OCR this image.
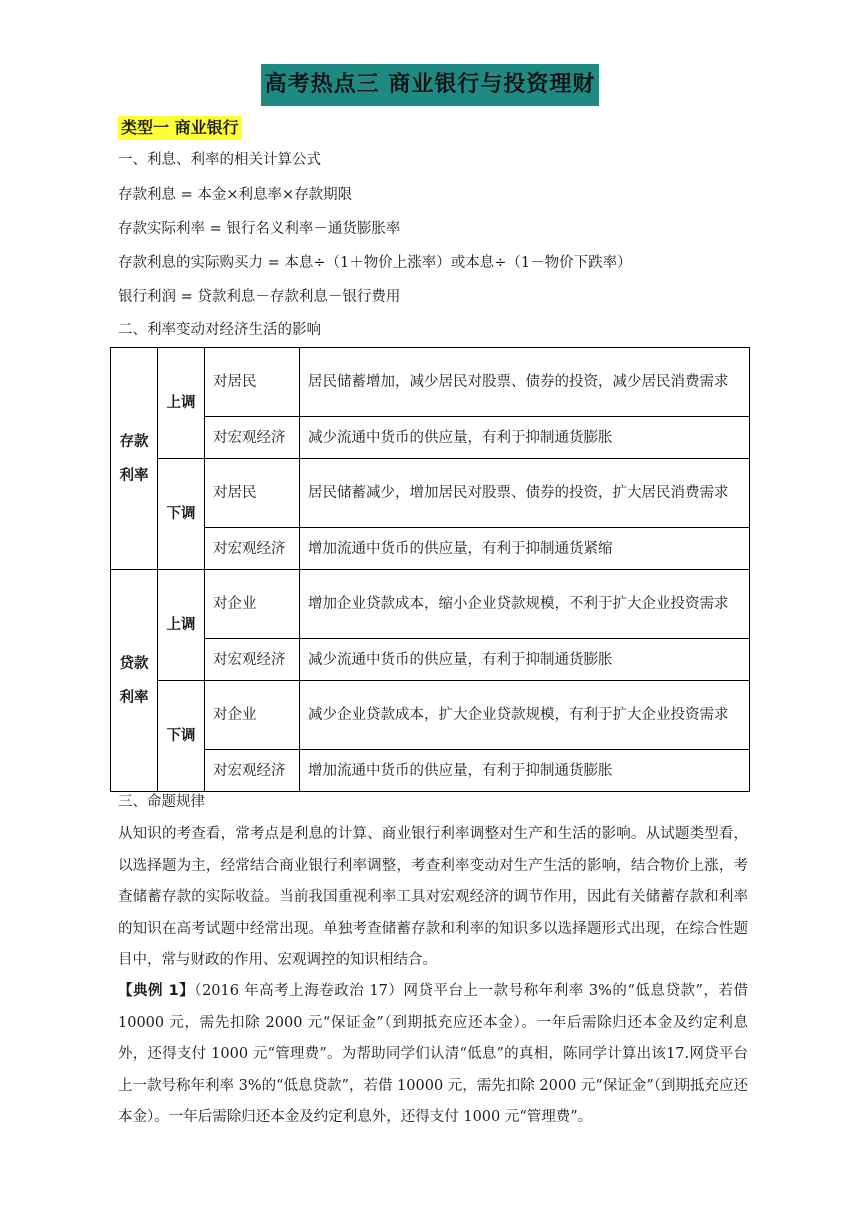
高考热点三 商业银行与投资理财
类型一 商业银行
一、利息、利率的相关计算公式
存款利息 = 本金×利息率×存款期限
存款实际利率 = 银行名义利率－通货膨胀率
存款利息的实际购买力 = 本息÷（1＋物价上涨率）或本息÷（1－物价下跌率）
银行利润 = 贷款利息－存款利息－银行费用
二、利率变动对经济生活的影响
存款
利率	上调	对居民	居民储蓄增加，减少居民对股票、债券的投资，减少居民消费需求
		对宏观经济	减少流通中货币的供应量，有利于抑制通货膨胀
	下调	对居民	居民储蓄减少，增加居民对股票、债券的投资，扩大居民消费需求
		对宏观经济	增加流通中货币的供应量，有利于抑制通货紧缩
贷款
利率	上调	对企业	增加企业贷款成本，缩小企业贷款规模，不利于扩大企业投资需求
		对宏观经济	减少流通中货币的供应量，有利于抑制通货膨胀
	下调	对企业	减少企业贷款成本，扩大企业贷款规模，有利于扩大企业投资需求
		对宏观经济	增加流通中货币的供应量，有利于抑制通货膨胀
三、命题规律
从知识的考查看，常考点是利息的计算、商业银行利率调整对生产和生活的影响。从试题类型看，以选择题为主，经常结合商业银行利率调整，考查利率变动对生产生活的影响，结合物价上涨，考查储蓄存款的实际收益。当前我国重视利率工具对宏观经济的调节作用，因此有关储蓄存款和利率的知识在高考试题中经常出现。单独考查储蓄存款和利率的知识多以选择题形式出现，在综合性题目中，常与财政的作用、宏观调控的知识相结合。
【典例 1】（2016 年高考上海卷政治 17）网贷平台上一款号称年利率 3%的“低息贷款”，若借 10000 元，需先扣除 2000 元“保证金”（到期抵充应还本金）。一年后需除归还本金及约定利息外，还得支付 1000 元“管理费”。为帮助同学们认清“低息”的真相，陈同学计算出该17.网贷平台上一款号称年利率 3%的“低息贷款”，若借 10000 元，需先扣除 2000 元“保证金”（到期抵充应还本金）。一年后需除归还本金及约定利息外，还得支付 1000 元“管理费”。
